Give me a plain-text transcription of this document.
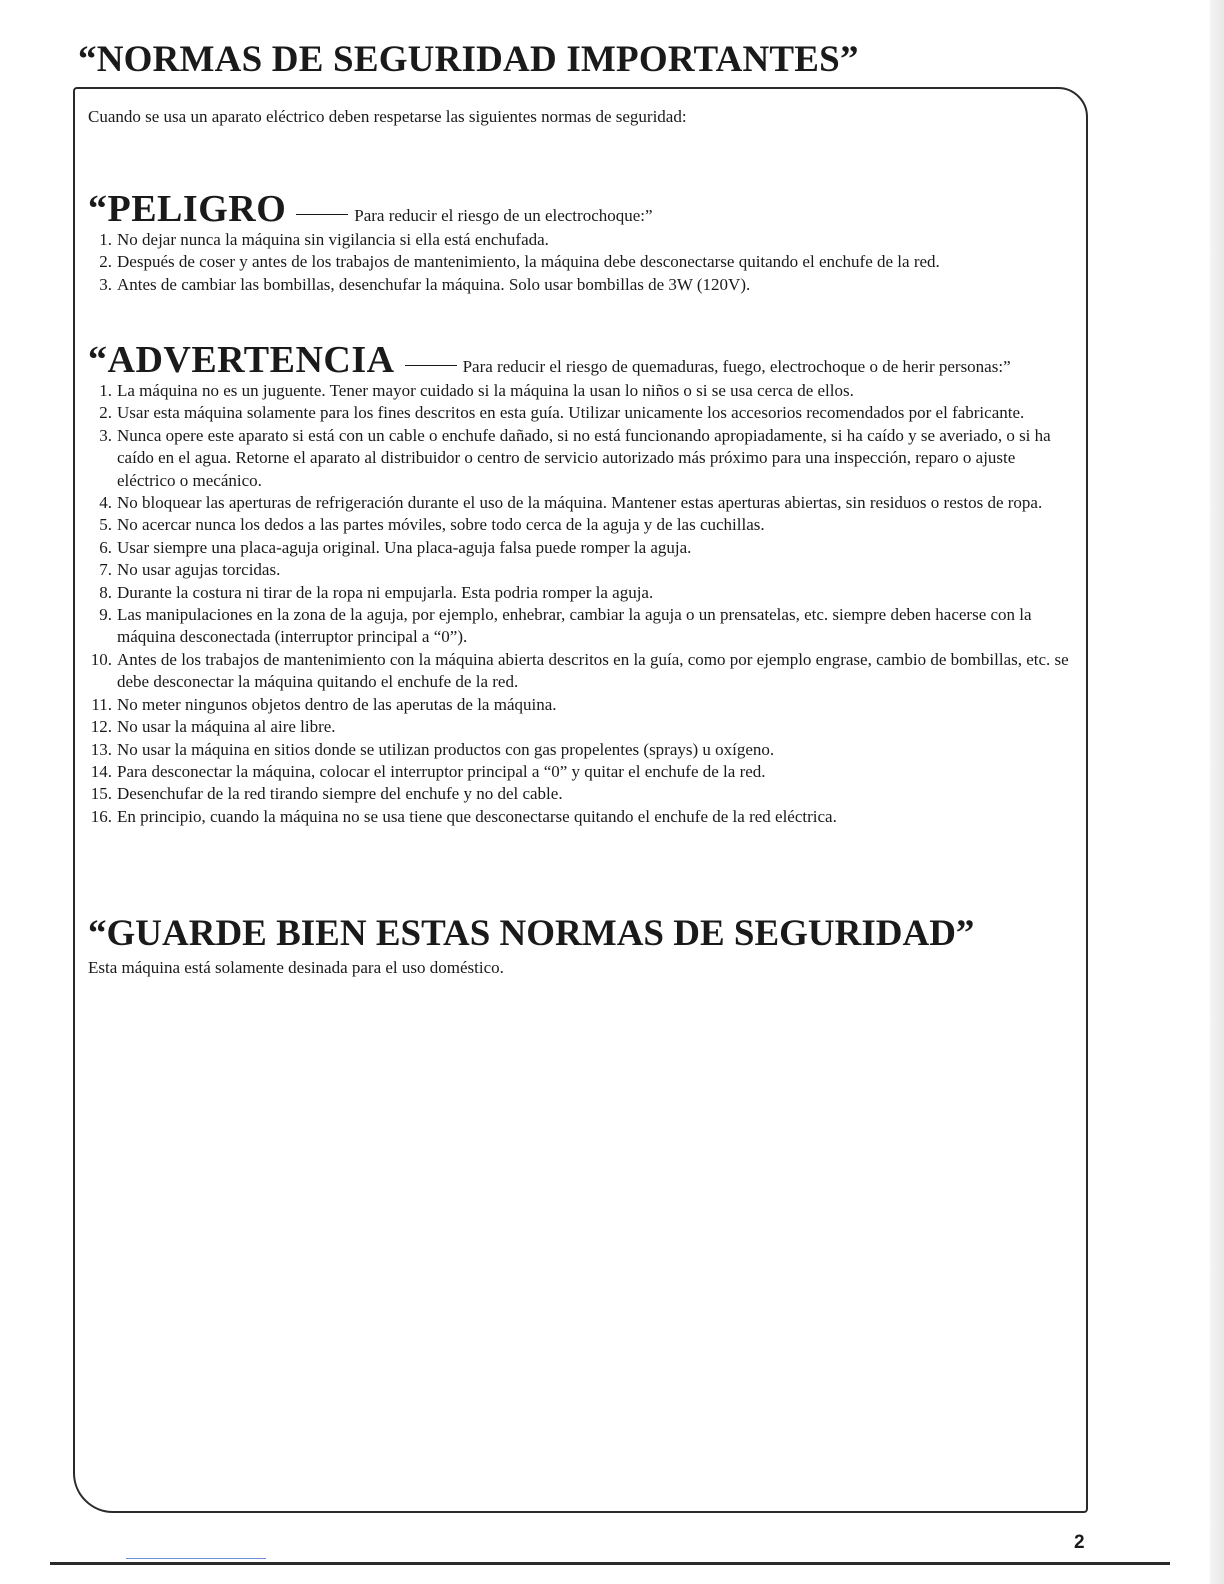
“NORMAS DE SEGURIDAD IMPORTANTES”

Cuando se usa un aparato eléctrico deben respetarse las siguientes normas de seguridad:

“PELIGRO	Para reducir el riesgo de un electrochoque:”
1. No dejar nunca la máquina sin vigilancia si ella está enchufada.
2. Después de coser y antes de los trabajos de mantenimiento, la máquina debe desconectarse quitando el enchufe de la red.
3. Antes de cambiar las bombillas, desenchufar la máquina. Solo usar bombillas de 3W (120V).
“ADVERTENCIA	Para reducir el riesgo de quemaduras, fuego, electrochoque o de herir personas:”
1. La máquina no es un juguente. Tener mayor cuidado si la máquina la usan lo niños o si se usa cerca de ellos.
2. Usar esta máquina solamente para los fines descritos en esta guía. Utilizar unicamente los accesorios recomendados por el fabricante.
3. Nunca opere este aparato si está con un cable o enchufe dañado, si no está funcionando apropiadamente, si ha caído y se averiado, o si ha caído en el agua. Retorne el aparato al distribuidor o centro de servicio autorizado más próximo para una inspección, reparo o ajuste eléctrico o mecánico.
4. No bloquear las aperturas de refrigeración durante el uso de la máquina. Mantener estas aperturas abiertas, sin residuos o restos de ropa.
5. No acercar nunca los dedos a las partes móviles, sobre todo cerca de la aguja y de las cuchillas.
6. Usar siempre una placa-aguja original. Una placa-aguja falsa puede romper la aguja.
7. No usar agujas torcidas.
8. Durante la costura ni tirar de la ropa ni empujarla. Esta podria romper la aguja.
9. Las manipulaciones en la zona de la aguja, por ejemplo, enhebrar, cambiar la aguja o un prensatelas, etc. siempre deben hacerse con la máquina desconectada (interruptor principal a “0”).
10. Antes de los trabajos de mantenimiento con la máquina abierta descritos en la guía, como por ejemplo engrase, cambio de bombillas, etc. se debe desconectar la máquina quitando el enchufe de la red.
11. No meter ningunos objetos dentro de las aperutas de la máquina.
12. No usar la máquina al aire libre.
13. No usar la máquina en sitios donde se utilizan productos con gas propelentes (sprays) u oxígeno.
14. Para desconectar la máquina, colocar el interruptor principal a “0” y quitar el enchufe de la red.
15. Desenchufar de la red tirando siempre del enchufe y no del cable.
16. En principio, cuando la máquina no se usa tiene que desconectarse quitando el enchufe de la red eléctrica.
“GUARDE BIEN ESTAS NORMAS DE SEGURIDAD”

Esta máquina está solamente desinada para el uso doméstico.

2
